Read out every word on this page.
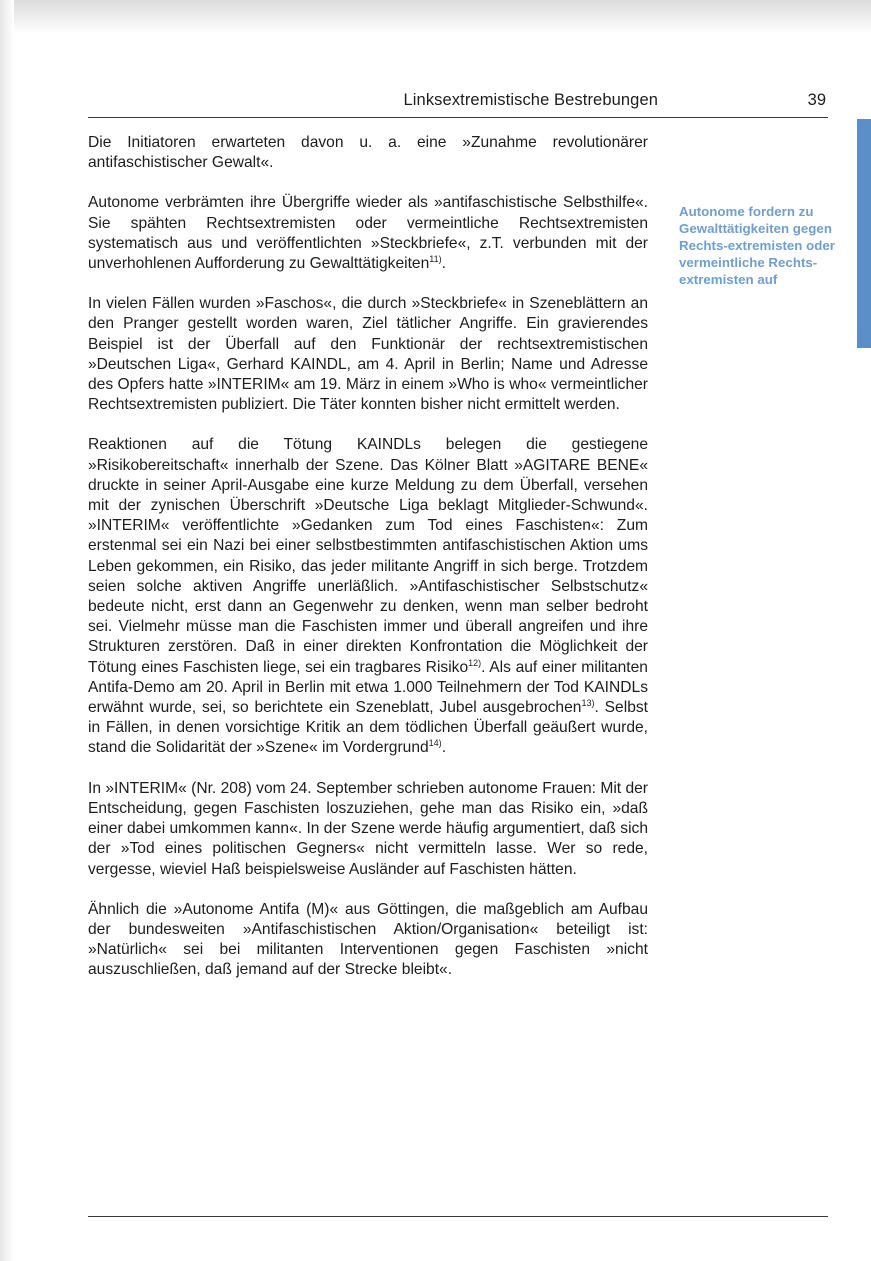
Linksextremistische Bestrebungen	39

Die Initiatoren erwarteten davon u. a. eine »Zunahme revolutionärer antifaschistischer Gewalt«.

Autonome verbrämten ihre Übergriffe wieder als »antifaschistische Selbsthilfe«. Sie spähten Rechtsextremisten oder vermeintliche Rechtsextremisten systematisch aus und veröffentlichten »Steckbriefe«, z.T. verbunden mit der unverhohlenen Aufforderung zu Gewalttätigkeiten$^{11)}$.

In vielen Fällen wurden »Faschos«, die durch »Steckbriefe« in Szeneblättern an den Pranger gestellt worden waren, Ziel tätlicher Angriffe. Ein gravierendes Beispiel ist der Überfall auf den Funktionär der rechtsextremistischen »Deutschen Liga«, Gerhard KAINDL, am 4. April in Berlin; Name und Adresse des Opfers hatte »INTERIM« am 19. März in einem »Who is who« vermeintlicher Rechtsextremisten publiziert. Die Täter konnten bisher nicht ermittelt werden.

Reaktionen auf die Tötung KAINDLs belegen die gestiegene »Risikobereitschaft« innerhalb der Szene. Das Kölner Blatt »AGITARE BENE« druckte in seiner April-Ausgabe eine kurze Meldung zu dem Überfall, versehen mit der zynischen Überschrift »Deutsche Liga beklagt Mitglieder-Schwund«. »INTERIM« veröffentlichte »Gedanken zum Tod eines Faschisten«: Zum erstenmal sei ein Nazi bei einer selbstbestimmten antifaschistischen Aktion ums Leben gekommen, ein Risiko, das jeder militante Angriff in sich berge. Trotzdem seien solche aktiven Angriffe unerläßlich. »Antifaschistischer Selbstschutz« bedeute nicht, erst dann an Gegenwehr zu denken, wenn man selber bedroht sei. Vielmehr müsse man die Faschisten immer und überall angreifen und ihre Strukturen zerstören. Daß in einer direkten Konfrontation die Möglichkeit der Tötung eines Faschisten liege, sei ein tragbares Risiko$^{12)}$. Als auf einer militanten Antifa-Demo am 20. April in Berlin mit etwa 1.000 Teilnehmern der Tod KAINDLs erwähnt wurde, sei, so berichtete ein Szeneblatt, Jubel ausgebrochen$^{13)}$. Selbst in Fällen, in denen vorsichtige Kritik an dem tödlichen Überfall geäußert wurde, stand die Solidarität der »Szene« im Vordergrund$^{14)}$.

In »INTERIM« (Nr. 208) vom 24. September schrieben autonome Frauen: Mit der Entscheidung, gegen Faschisten loszuziehen, gehe man das Risiko ein, »daß einer dabei umkommen kann«. In der Szene werde häufig argumentiert, daß sich der »Tod eines politischen Gegners« nicht vermitteln lasse. Wer so rede, vergesse, wieviel Haß beispielsweise Ausländer auf Faschisten hätten.

Ähnlich die »Autonome Antifa (M)« aus Göttingen, die maßgeblich am Aufbau der bundesweiten »Antifaschistischen Aktion/Organisation« beteiligt ist: »Natürlich« sei bei militanten Interventionen gegen Faschisten »nicht auszuschließen, daß jemand auf der Strecke bleibt«.

Autonome fordern zu Gewalttätigkeiten gegen Rechts-extremisten oder vermeintliche Rechts-extremisten auf
